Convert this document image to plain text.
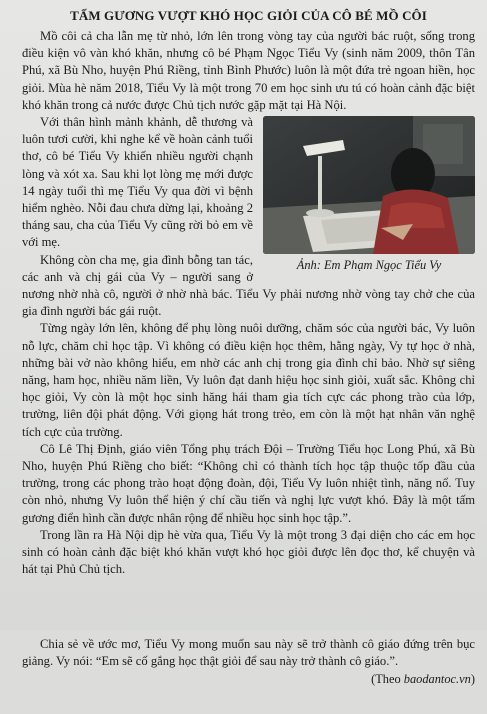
TẤM GƯƠNG VƯỢT KHÓ HỌC GIỎI CỦA CÔ BÉ MỒ CÔI

Mồ côi cả cha lẫn mẹ từ nhỏ, lớn lên trong vòng tay của người bác ruột, sống trong điều kiện vô vàn khó khăn, nhưng cô bé Phạm Ngọc Tiểu Vy (sinh năm 2009, thôn Tân Phú, xã Bù Nho, huyện Phú Riềng, tỉnh Bình Phước) luôn là một đứa trẻ ngoan hiền, học giỏi. Mùa hè năm 2018, Tiểu Vy là một trong 70 em học sinh ưu tú có hoàn cảnh đặc biệt khó khăn trong cả nước được Chủ tịch nước gặp mặt tại Hà Nội.

Ảnh: Em Phạm Ngọc Tiểu Vy

Với thân hình mảnh khảnh, dễ thương và luôn tươi cười, khi nghe kể về hoàn cảnh tuổi thơ, cô bé Tiểu Vy khiến nhiều người chạnh lòng và xót xa. Sau khi lọt lòng mẹ mới được 14 ngày tuổi thì mẹ Tiểu Vy qua đời vì bệnh hiểm nghèo. Nỗi đau chưa dừng lại, khoảng 2 tháng sau, cha của Tiểu Vy cũng rời bỏ em về với mẹ.

Không còn cha mẹ, gia đình bỗng tan tác, các anh và chị gái của Vy – người sang ở nương nhờ nhà cô, người ở nhờ nhà bác. Tiểu Vy phải nương nhờ vòng tay chở che của gia đình người bác gái ruột.

Từng ngày lớn lên, không để phụ lòng nuôi dưỡng, chăm sóc của người bác, Vy luôn nỗ lực, chăm chỉ học tập. Vì không có điều kiện học thêm, hằng ngày, Vy tự học ở nhà, những bài vở nào không hiểu, em nhờ các anh chị trong gia đình chỉ bảo. Nhờ sự siêng năng, ham học, nhiều năm liền, Vy luôn đạt danh hiệu học sinh giỏi, xuất sắc. Không chỉ học giỏi, Vy còn là một học sinh hăng hái tham gia tích cực các phong trào của lớp, trường, liên đội phát động. Với giọng hát trong trẻo, em còn là một hạt nhân văn nghệ tích cực của trường.

Cô Lê Thị Định, giáo viên Tổng phụ trách Đội – Trường Tiểu học Long Phú, xã Bù Nho, huyện Phú Riềng cho biết: “Không chỉ có thành tích học tập thuộc tốp đầu của trường, trong các phong trào hoạt động đoàn, đội, Tiểu Vy luôn nhiệt tình, năng nổ. Tuy còn nhỏ, nhưng Vy luôn thể hiện ý chí cầu tiến và nghị lực vượt khó. Đây là một tấm gương điển hình cần được nhân rộng để nhiều học sinh học tập.”.

Trong lần ra Hà Nội dịp hè vừa qua, Tiểu Vy là một trong 3 đại diện cho các em học sinh có hoàn cảnh đặc biệt khó khăn vượt khó học giỏi được lên đọc thơ, kể chuyện và hát tại Phủ Chủ tịch.

Chia sẻ về ước mơ, Tiểu Vy mong muốn sau này sẽ trở thành cô giáo đứng trên bục giảng. Vy nói: “Em sẽ cố gắng học thật giỏi để sau này trở thành cô giáo.”.

(Theo baodantoc.vn)
